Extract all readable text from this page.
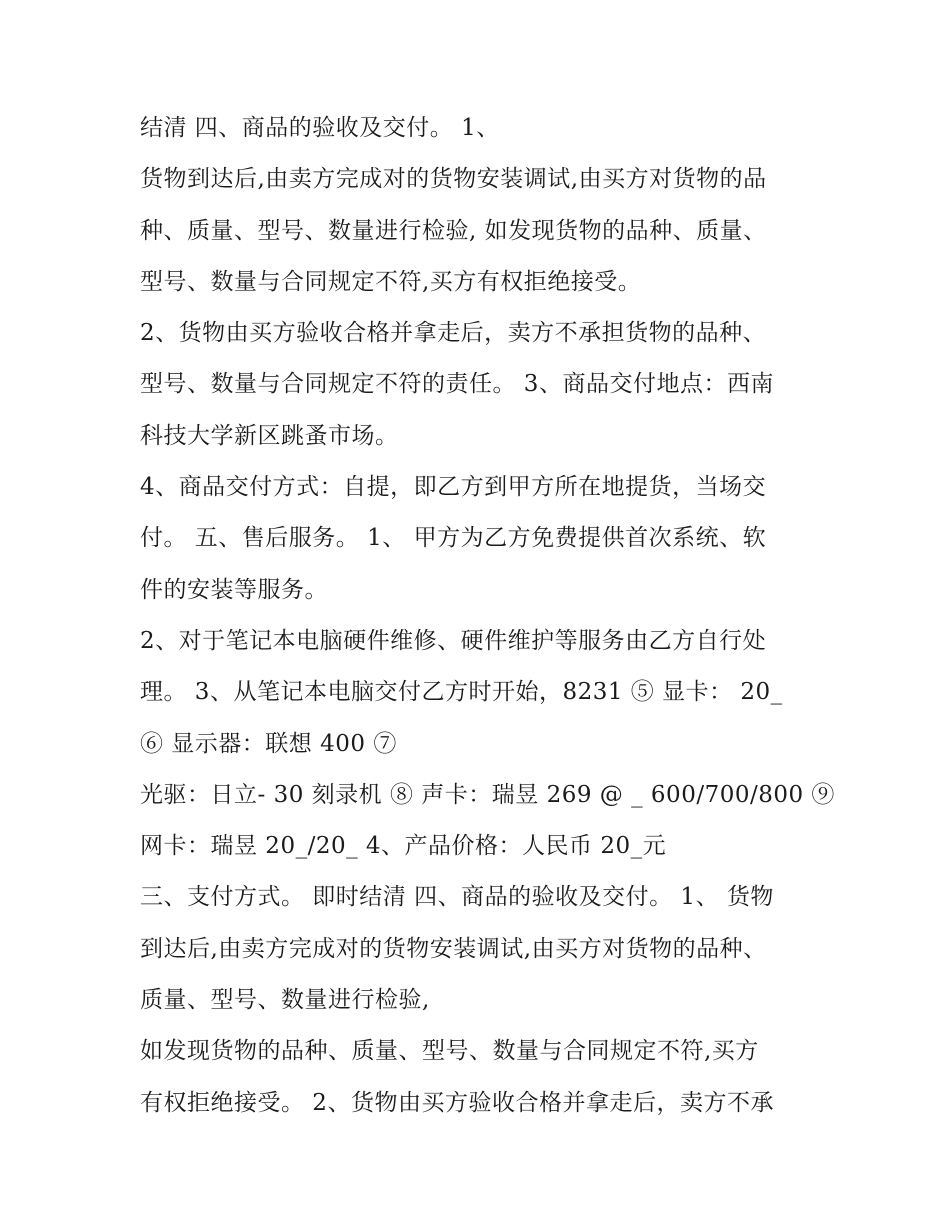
结清 四、商品的验收及交付。 1、
货物到达后,由卖方完成对的货物安装调试,由买方对货物的品
种、质量、型号、数量进行检验, 如发现货物的品种、质量、
型号、数量与合同规定不符,买方有权拒绝接受。
2、货物由买方验收合格并拿走后，卖方不承担货物的品种、
型号、数量与合同规定不符的责任。 3、商品交付地点：西南
科技大学新区跳蚤市场。
4、商品交付方式：自提，即乙方到甲方所在地提货，当场交
付。 五、售后服务。 1、 甲方为乙方免费提供首次系统、软
件的安装等服务。
2、对于笔记本电脑硬件维修、硬件维护等服务由乙方自行处
理。 3、从笔记本电脑交付乙方时开始，8231 ⑤ 显卡： 20_
⑥ 显示器：联想 400 ⑦
光驱：日立- 30 刻录机 ⑧ 声卡：瑞昱 269 @ _ 600/700/800 ⑨
网卡：瑞昱 20_/20_ 4、产品价格：人民币 20_元
三、支付方式。 即时结清 四、商品的验收及交付。 1、 货物
到达后,由卖方完成对的货物安装调试,由买方对货物的品种、
质量、型号、数量进行检验,
如发现货物的品种、质量、型号、数量与合同规定不符,买方
有权拒绝接受。 2、货物由买方验收合格并拿走后，卖方不承
